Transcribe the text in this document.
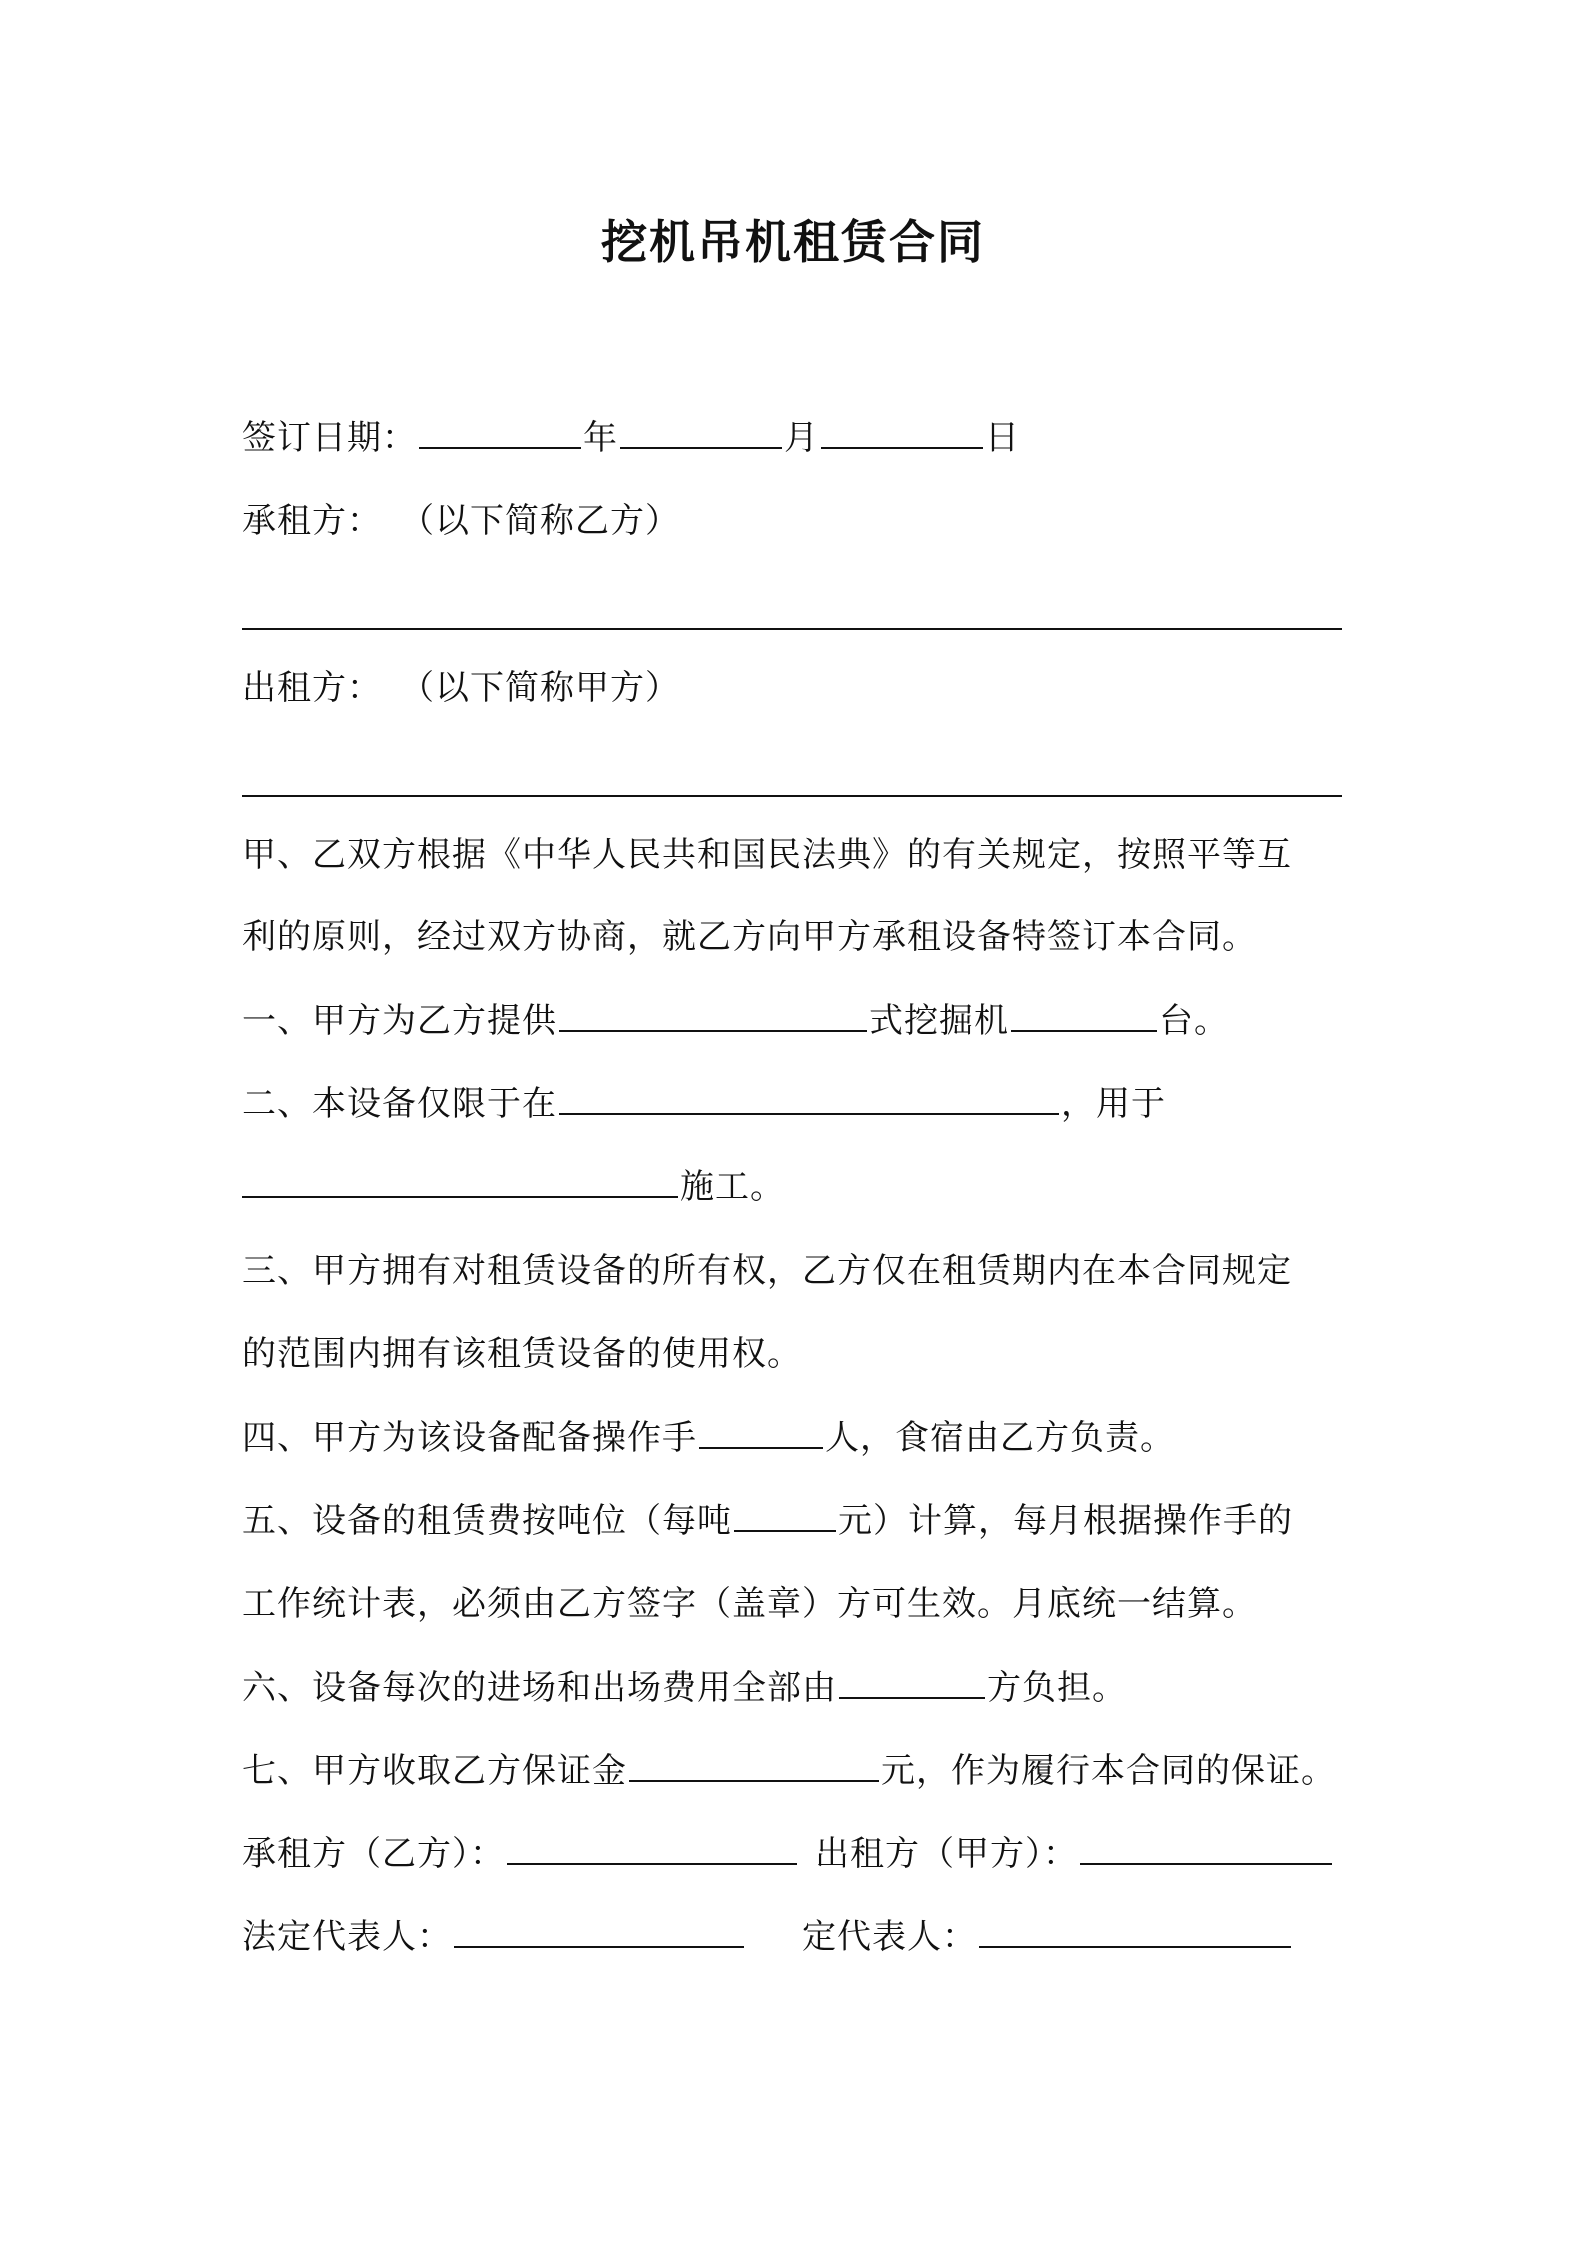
挖机吊机租赁合同
签订日期：	年	月	日
承租方： （以下简称乙方）
出租方： （以下简称甲方）
甲、乙双方根据《中华人民共和国民法典》的有关规定，按照平等互
利的原则，经过双方协商，就乙方向甲方承租设备特签订本合同。
一、甲方为乙方提供	式挖掘机	台。
二、本设备仅限于在	，用于
施工。
三、甲方拥有对租赁设备的所有权，乙方仅在租赁期内在本合同规定
的范围内拥有该租赁设备的使用权。
四、甲方为该设备配备操作手	人，食宿由乙方负责。
五、设备的租赁费按吨位（每吨	元）计算，每月根据操作手的
工作统计表，必须由乙方签字（盖章）方可生效。月底统一结算。
六、设备每次的进场和出场费用全部由	方负担。
七、甲方收取乙方保证金	元，作为履行本合同的保证。
承租方（乙方）：	出租方（甲方）：
法定代表人：	定代表人：
